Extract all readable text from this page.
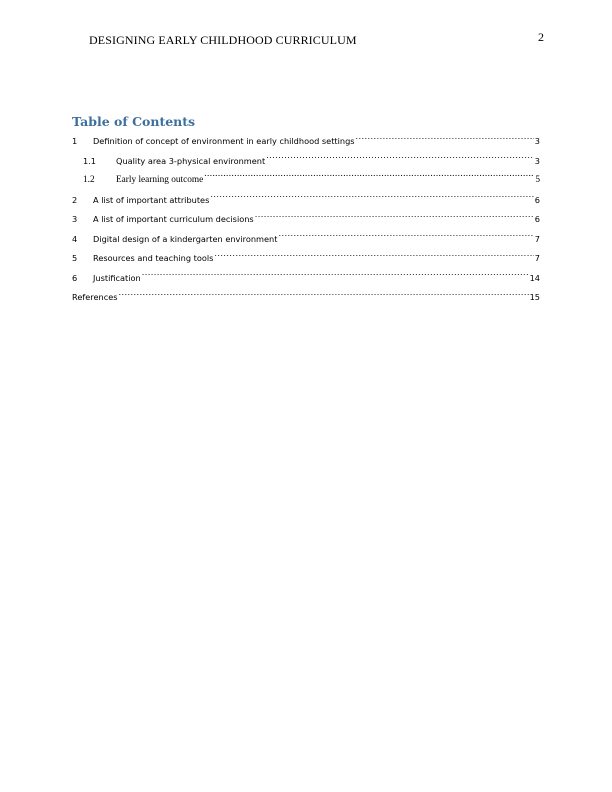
DESIGNING EARLY CHILDHOOD CURRICULUM	2
Table of Contents
1	Definition of concept of environment in early childhood settings .....	3
1.1	Quality area 3-physical environment .....	3
1.2	Early learning outcome .....	5
2	A list of important attributes .....	6
3	A list of important curriculum decisions .....	6
4	Digital design of a kindergarten environment .....	7
5	Resources and teaching tools .....	7
6	Justification .....	14
References .....	15
